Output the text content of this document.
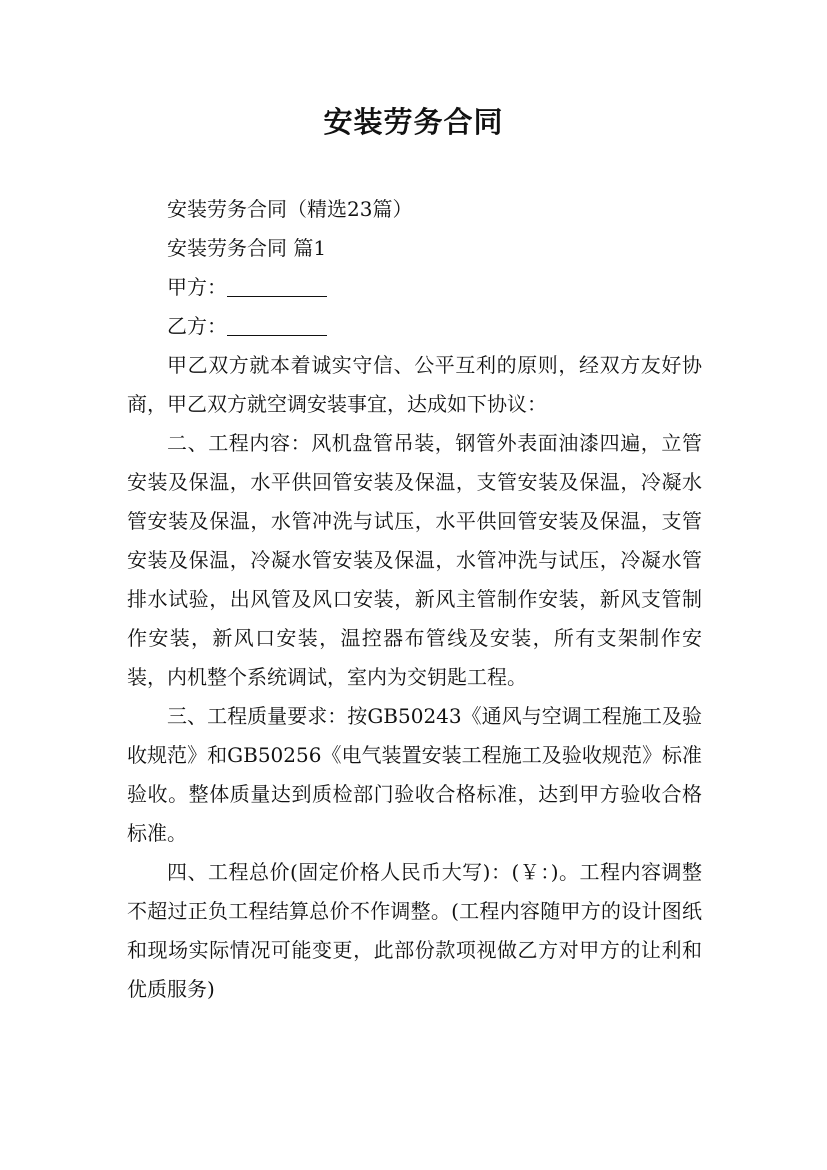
安装劳务合同

安装劳务合同（精选23篇）

安装劳务合同 篇1

甲方：

乙方：

甲乙双方就本着诚实守信、公平互利的原则，经双方友好协商，甲乙双方就空调安装事宜，达成如下协议：

二、工程内容：风机盘管吊装，钢管外表面油漆四遍，立管安装及保温，水平供回管安装及保温，支管安装及保温，冷凝水管安装及保温，水管冲洗与试压，水平供回管安装及保温，支管安装及保温，冷凝水管安装及保温，水管冲洗与试压，冷凝水管排水试验，出风管及风口安装，新风主管制作安装，新风支管制作安装，新风口安装，温控器布管线及安装，所有支架制作安装，内机整个系统调试，室内为交钥匙工程。

三、工程质量要求：按GB50243《通风与空调工程施工及验收规范》和GB50256《电气装置安装工程施工及验收规范》标准验收。整体质量达到质检部门验收合格标准，达到甲方验收合格标准。

四、工程总价(固定价格人民币大写)：(￥：)。工程内容调整不超过正负工程结算总价不作调整。(工程内容随甲方的设计图纸和现场实际情况可能变更，此部份款项视做乙方对甲方的让利和优质服务)
